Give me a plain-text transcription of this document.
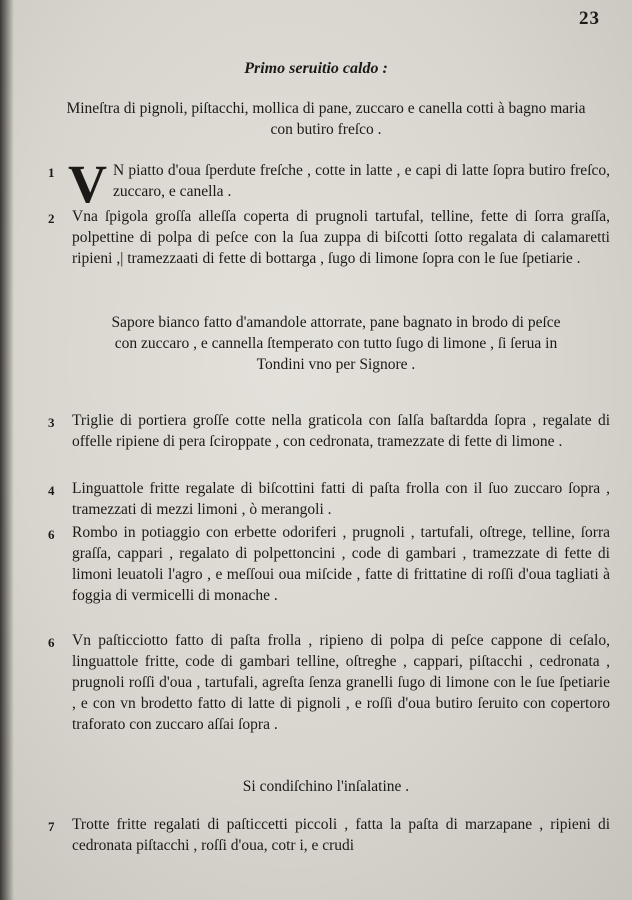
23
Primo seruitio caldo :
Mineſtra di pignoli, piſtacchi, mollica di pane, zuccaro e canella cotti à bagno maria con butiro freſco .
1 V N piatto d'oua ſperdute freſche , cotte in latte , e capi di latte ſopra butiro freſco, zuccaro, e canella .

2 Vna ſpigola groſſa alleſſa coperta di prugnoli tartufal, telline, fette di ſorra graſſa, polpettine di polpa di peſce con la ſua zuppa di biſcotti ſotto regalata di calamaretti ripieni ,| tramezzaati di fette di bottarga , ſugo di limone ſopra con le ſue ſpetiarie .

Sapore bianco fatto d'amandole attorrate, pane bagnato in brodo di peſce con zuccaro , e cannella ſtemperato con tutto ſugo di limone , ſi ſerua in Tondini vno per Signore .
3 Triglie di portiera groſſe cotte nella graticola con ſalſa baſtardda ſopra , regalate di offelle ripiene di pera ſciroppate , con cedronata, tramezzate di fette di limone .

4 Linguattole fritte regalate di biſcottini fatti di paſta frolla con il ſuo zuccaro ſopra , tramezzati di mezzi limoni , ò merangoli .

6 Rombo in potiaggio con erbette odoriferi , prugnoli , tartufali, oſtrege, telline, ſorra graſſa, cappari , regalato di polpettoncini , code di gambari , tramezzate di fette di limoni leuatoli l'agro , e meſſoui oua miſcide , fatte di frittatine di roſſi d'oua tagliati à foggia di vermicelli di monache .

6 Vn paſticciotto fatto di paſta frolla , ripieno di polpa di peſce cappone di ceſalo, linguattole fritte, code di gambari telline, oſtreghe , cappari, piſtacchi , cedronata , prugnoli roſſi d'oua , tartufali, agreſta ſenza granelli ſugo di limone con le ſue ſpetiarie , e con vn brodetto fatto di latte di pignoli , e roſſi d'oua butiro ſeruito con copertoro traforato con zuccaro aſſai ſopra .

Si condiſchino l'inſalatine .
7 Trotte fritte regalati di paſticcetti piccoli , fatta la paſta di marzapane , ripieni di cedronata piſtacchi , roſſi d'oua, cotr i, e crudi
